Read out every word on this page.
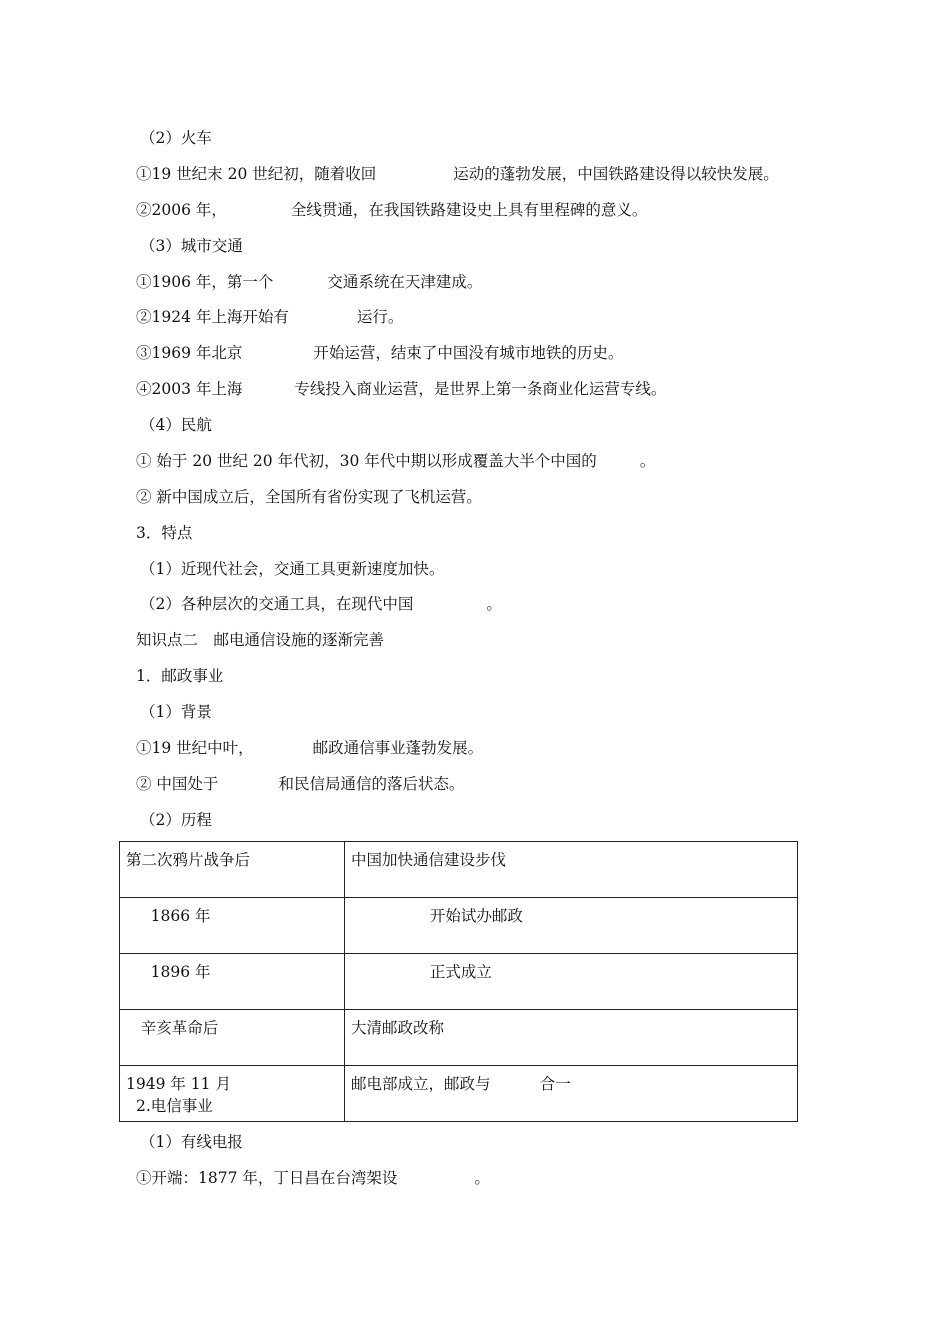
（2）火车
①19 世纪末 20 世纪初，随着收回	运动的蓬勃发展，中国铁路建设得以较快发展。
②2006 年，	全线贯通，在我国铁路建设史上具有里程碑的意义。
（3）城市交通
①1906 年，第一个	交通系统在天津建成。
②1924 年上海开始有	运行。
③1969 年北京	开始运营，结束了中国没有城市地铁的历史。
④2003 年上海	专线投入商业运营，是世界上第一条商业化运营专线。
（4）民航
① 始于 20 世纪 20 年代初，30 年代中期以形成覆盖大半个中国的	。
② 新中国成立后，全国所有省份实现了飞机运营。
3．特点
（1）近现代社会，交通工具更新速度加快。
（2）各种层次的交通工具，在现代中国	。
知识点二　邮电通信设施的逐渐完善
1．邮政事业
（1）背景
①19 世纪中叶，	邮政通信事业蓬勃发展。
② 中国处于	和民信局通信的落后状态。
（2）历程
第二次鸦片战争后	中国加快通信建设步伐
1866 年	开始试办邮政
1896 年	正式成立
辛亥革命后	大清邮政改称
1949 年 11 月	邮电部成立，邮政与          合一
2.电信事业
（1）有线电报
①开端：1877 年，丁日昌在台湾架设	。
